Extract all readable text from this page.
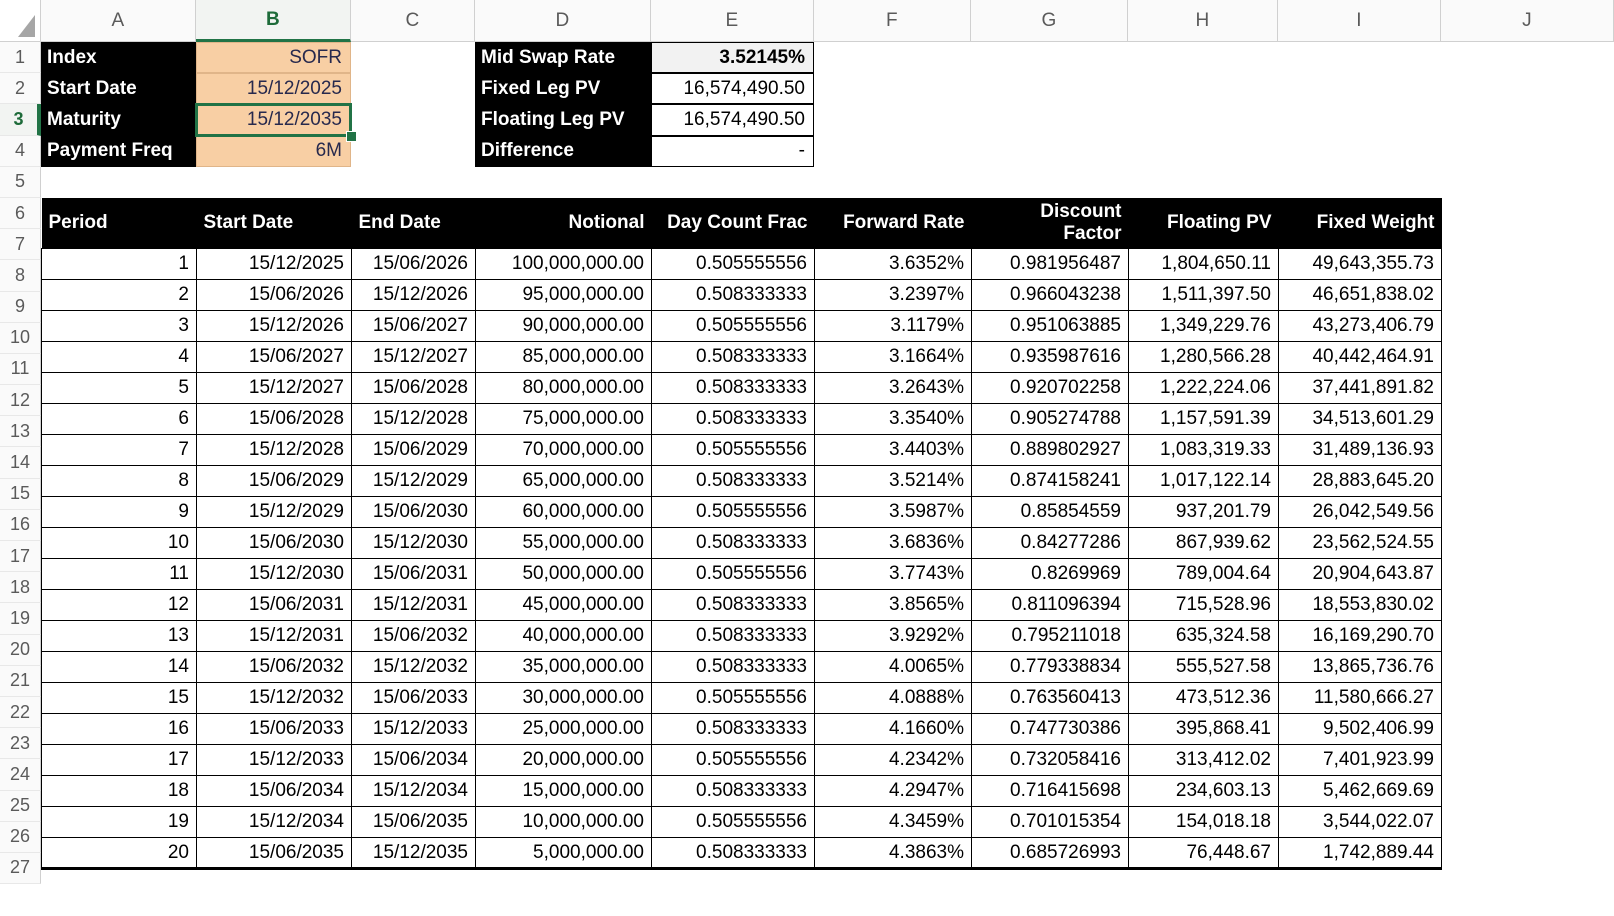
A	B	C	D	E	F	G	H	I	J
1
2
3
4
5
6
7
8
9
10
11
12
13
14
15
16
17
18
19
20
21
22
23
24
25
26
27
Index	SOFR
Start Date	15/12/2025
Maturity	15/12/2035
Payment Freq	6M
Mid Swap Rate	3.52145%
Fixed Leg PV	16,574,490.50
Floating Leg PV	16,574,490.50
Difference	-
Period	Start Date	End Date	Notional	Day Count Frac	Forward Rate	Discount Factor	Floating PV	Fixed Weight
1	15/12/2025	15/06/2026	100,000,000.00	0.505555556	3.6352%	0.981956487	1,804,650.11	49,643,355.73
2	15/06/2026	15/12/2026	95,000,000.00	0.508333333	3.2397%	0.966043238	1,511,397.50	46,651,838.02
3	15/12/2026	15/06/2027	90,000,000.00	0.505555556	3.1179%	0.951063885	1,349,229.76	43,273,406.79
4	15/06/2027	15/12/2027	85,000,000.00	0.508333333	3.1664%	0.935987616	1,280,566.28	40,442,464.91
5	15/12/2027	15/06/2028	80,000,000.00	0.508333333	3.2643%	0.920702258	1,222,224.06	37,441,891.82
6	15/06/2028	15/12/2028	75,000,000.00	0.508333333	3.3540%	0.905274788	1,157,591.39	34,513,601.29
7	15/12/2028	15/06/2029	70,000,000.00	0.505555556	3.4403%	0.889802927	1,083,319.33	31,489,136.93
8	15/06/2029	15/12/2029	65,000,000.00	0.508333333	3.5214%	0.874158241	1,017,122.14	28,883,645.20
9	15/12/2029	15/06/2030	60,000,000.00	0.505555556	3.5987%	0.85854559	937,201.79	26,042,549.56
10	15/06/2030	15/12/2030	55,000,000.00	0.508333333	3.6836%	0.84277286	867,939.62	23,562,524.55
11	15/12/2030	15/06/2031	50,000,000.00	0.505555556	3.7743%	0.8269969	789,004.64	20,904,643.87
12	15/06/2031	15/12/2031	45,000,000.00	0.508333333	3.8565%	0.811096394	715,528.96	18,553,830.02
13	15/12/2031	15/06/2032	40,000,000.00	0.508333333	3.9292%	0.795211018	635,324.58	16,169,290.70
14	15/06/2032	15/12/2032	35,000,000.00	0.508333333	4.0065%	0.779338834	555,527.58	13,865,736.76
15	15/12/2032	15/06/2033	30,000,000.00	0.505555556	4.0888%	0.763560413	473,512.36	11,580,666.27
16	15/06/2033	15/12/2033	25,000,000.00	0.508333333	4.1660%	0.747730386	395,868.41	9,502,406.99
17	15/12/2033	15/06/2034	20,000,000.00	0.505555556	4.2342%	0.732058416	313,412.02	7,401,923.99
18	15/06/2034	15/12/2034	15,000,000.00	0.508333333	4.2947%	0.716415698	234,603.13	5,462,669.69
19	15/12/2034	15/06/2035	10,000,000.00	0.505555556	4.3459%	0.701015354	154,018.18	3,544,022.07
20	15/06/2035	15/12/2035	5,000,000.00	0.508333333	4.3863%	0.685726993	76,448.67	1,742,889.44
